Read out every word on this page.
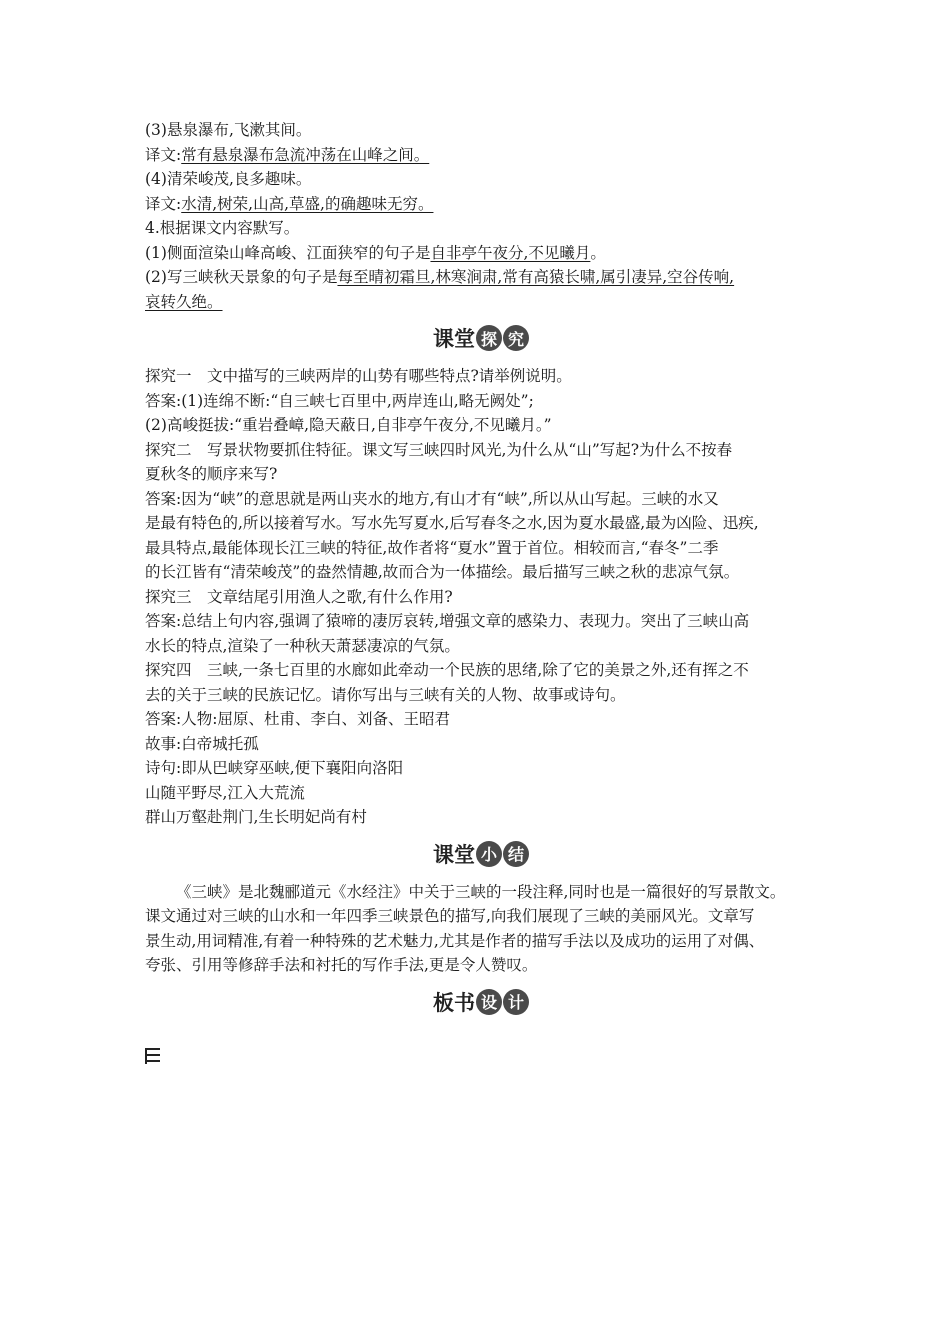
(3)悬泉瀑布,飞漱其间。
译文:常有悬泉瀑布急流冲荡在山峰之间。
(4)清荣峻茂,良多趣味。
译文:水清,树荣,山高,草盛,的确趣味无穷。
4.根据课文内容默写。
(1)侧面渲染山峰高峻、江面狭窄的句子是自非亭午夜分,不见曦月。
(2)写三峡秋天景象的句子是每至晴初霜旦,林寒涧肃,常有高猿长啸,属引凄异,空谷传响,
哀转久绝。
课堂 探 究
探究一　文中描写的三峡两岸的山势有哪些特点?请举例说明。
答案:(1)连绵不断:“自三峡七百里中,两岸连山,略无阙处”;
(2)高峻挺拔:“重岩叠嶂,隐天蔽日,自非亭午夜分,不见曦月。”
探究二　写景状物要抓住特征。课文写三峡四时风光,为什么从“山”写起?为什么不按春
夏秋冬的顺序来写?
答案:因为“峡”的意思就是两山夹水的地方,有山才有“峡”,所以从山写起。三峡的水又
是最有特色的,所以接着写水。写水先写夏水,后写春冬之水,因为夏水最盛,最为凶险、迅疾,
最具特点,最能体现长江三峡的特征,故作者将“夏水”置于首位。相较而言,“春冬”二季
的长江皆有“清荣峻茂”的盎然情趣,故而合为一体描绘。最后描写三峡之秋的悲凉气氛。
探究三　文章结尾引用渔人之歌,有什么作用?
答案:总结上句内容,强调了猿啼的凄厉哀转,增强文章的感染力、表现力。突出了三峡山高
水长的特点,渲染了一种秋天萧瑟凄凉的气氛。
探究四　三峡,一条七百里的水廊如此牵动一个民族的思绪,除了它的美景之外,还有挥之不
去的关于三峡的民族记忆。请你写出与三峡有关的人物、故事或诗句。
答案:人物:屈原、杜甫、李白、刘备、王昭君
故事:白帝城托孤
诗句:即从巴峡穿巫峡,便下襄阳向洛阳
山随平野尽,江入大荒流
群山万壑赴荆门,生长明妃尚有村
课堂 小 结
《三峡》是北魏郦道元《水经注》中关于三峡的一段注释,同时也是一篇很好的写景散文。
课文通过对三峡的山水和一年四季三峡景色的描写,向我们展现了三峡的美丽风光。文章写
景生动,用词精准,有着一种特殊的艺术魅力,尤其是作者的描写手法以及成功的运用了对偶、
夸张、引用等修辞手法和衬托的写作手法,更是令人赞叹。
板书 设 计
